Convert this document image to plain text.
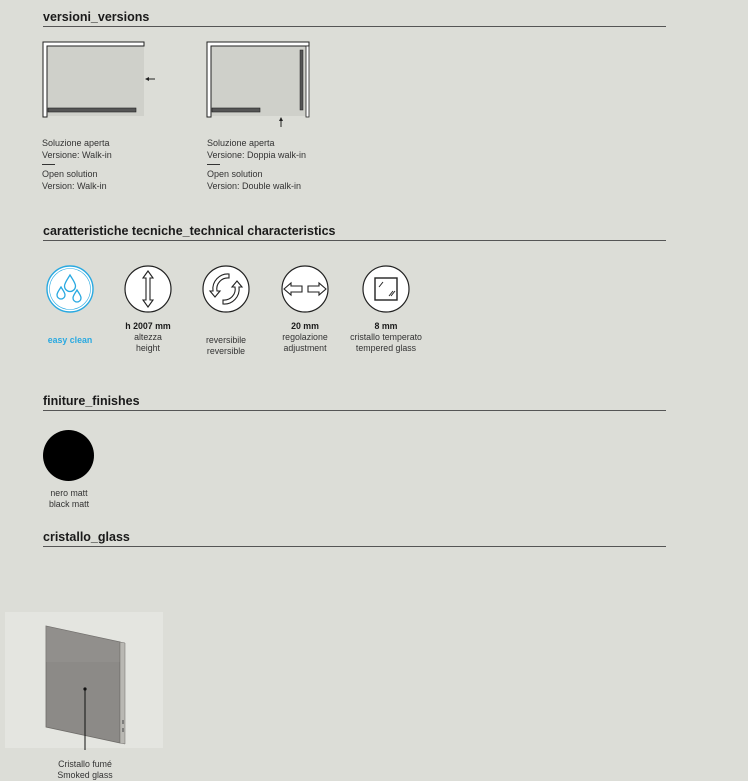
versioni_versions
Soluzione aperta
Versione: Walk-in
Open solution
Version: Walk-in
Soluzione aperta
Versione: Doppia walk-in
Open solution
Version: Double walk-in
caratteristiche tecniche_technical characteristics
easy clean
h 2007 mm
altezza
height
reversibile
reversible
20 mm
regolazione
adjustment
8 mm
cristallo temperato
tempered glass
finiture_finishes
nero matt
black matt
cristallo_glass
Cristallo fumé
Smoked glass
